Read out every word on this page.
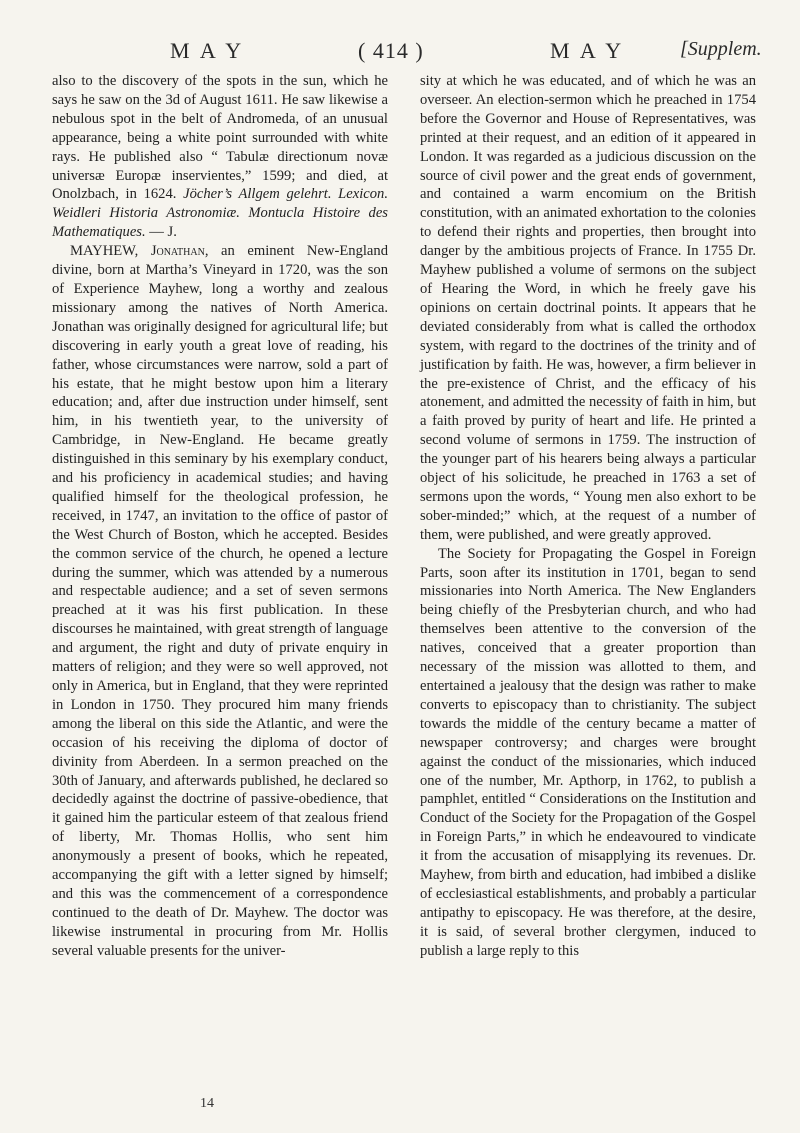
M A Y	( 414 )	M A Y	[Supplem.

also to the discovery of the spots in the sun, which he says he saw on the 3d of August 1611. He saw likewise a nebulous spot in the belt of Andromeda, of an unusual appearance, being a white point surrounded with white rays. He published also “ Tabulæ directionum novæ universæ Europæ inservientes,” 1599; and died, at Onolzbach, in 1624. Jöcher’s Allgem gelehrt. Lexicon. Weidleri Historia Astronomiæ. Montucla Histoire des Mathematiques. — J.

MAYHEW, Jonathan, an eminent New-England divine, born at Martha’s Vineyard in 1720, was the son of Experience Mayhew, long a worthy and zealous missionary among the natives of North America. Jonathan was originally designed for agricultural life; but discovering in early youth a great love of reading, his father, whose circumstances were narrow, sold a part of his estate, that he might bestow upon him a literary education; and, after due instruction under himself, sent him, in his twentieth year, to the university of Cambridge, in New-England. He became greatly distinguished in this seminary by his exemplary conduct, and his proficiency in academical studies; and having qualified himself for the theological profession, he received, in 1747, an invitation to the office of pastor of the West Church of Boston, which he accepted. Besides the common service of the church, he opened a lecture during the summer, which was attended by a numerous and respectable audience; and a set of seven sermons preached at it was his first publication. In these discourses he maintained, with great strength of language and argument, the right and duty of private enquiry in matters of religion; and they were so well approved, not only in America, but in England, that they were reprinted in London in 1750. They procured him many friends among the liberal on this side the Atlantic, and were the occasion of his receiving the diploma of doctor of divinity from Aberdeen. In a sermon preached on the 30th of January, and afterwards published, he declared so decidedly against the doctrine of passive-obedience, that it gained him the particular esteem of that zealous friend of liberty, Mr. Thomas Hollis, who sent him anonymously a present of books, which he repeated, accompanying the gift with a letter signed by himself; and this was the commencement of a correspondence continued to the death of Dr. Mayhew. The doctor was likewise instrumental in procuring from Mr. Hollis several valuable presents for the univer-

sity at which he was educated, and of which he was an overseer. An election-sermon which he preached in 1754 before the Governor and House of Representatives, was printed at their request, and an edition of it appeared in London. It was regarded as a judicious discussion on the source of civil power and the great ends of government, and contained a warm encomium on the British constitution, with an animated exhortation to the colonies to defend their rights and properties, then brought into danger by the ambitious projects of France. In 1755 Dr. Mayhew published a volume of sermons on the subject of Hearing the Word, in which he freely gave his opinions on certain doctrinal points. It appears that he deviated considerably from what is called the orthodox system, with regard to the doctrines of the trinity and of justification by faith. He was, however, a firm believer in the pre-existence of Christ, and the efficacy of his atonement, and admitted the necessity of faith in him, but a faith proved by purity of heart and life. He printed a second volume of sermons in 1759. The instruction of the younger part of his hearers being always a particular object of his solicitude, he preached in 1763 a set of sermons upon the words, “ Young men also exhort to be sober-minded;” which, at the request of a number of them, were published, and were greatly approved.

The Society for Propagating the Gospel in Foreign Parts, soon after its institution in 1701, began to send missionaries into North America. The New Englanders being chiefly of the Presbyterian church, and who had themselves been attentive to the conversion of the natives, conceived that a greater proportion than necessary of the mission was allotted to them, and entertained a jealousy that the design was rather to make converts to episcopacy than to christianity. The subject towards the middle of the century became a matter of newspaper controversy; and charges were brought against the conduct of the missionaries, which induced one of the number, Mr. Apthorp, in 1762, to publish a pamphlet, entitled “ Considerations on the Institution and Conduct of the Society for the Propagation of the Gospel in Foreign Parts,” in which he endeavoured to vindicate it from the accusation of misapplying its revenues. Dr. Mayhew, from birth and education, had imbibed a dislike of ecclesiastical establishments, and probably a particular antipathy to episcopacy. He was therefore, at the desire, it is said, of several brother clergymen, induced to publish a large reply to this

14
